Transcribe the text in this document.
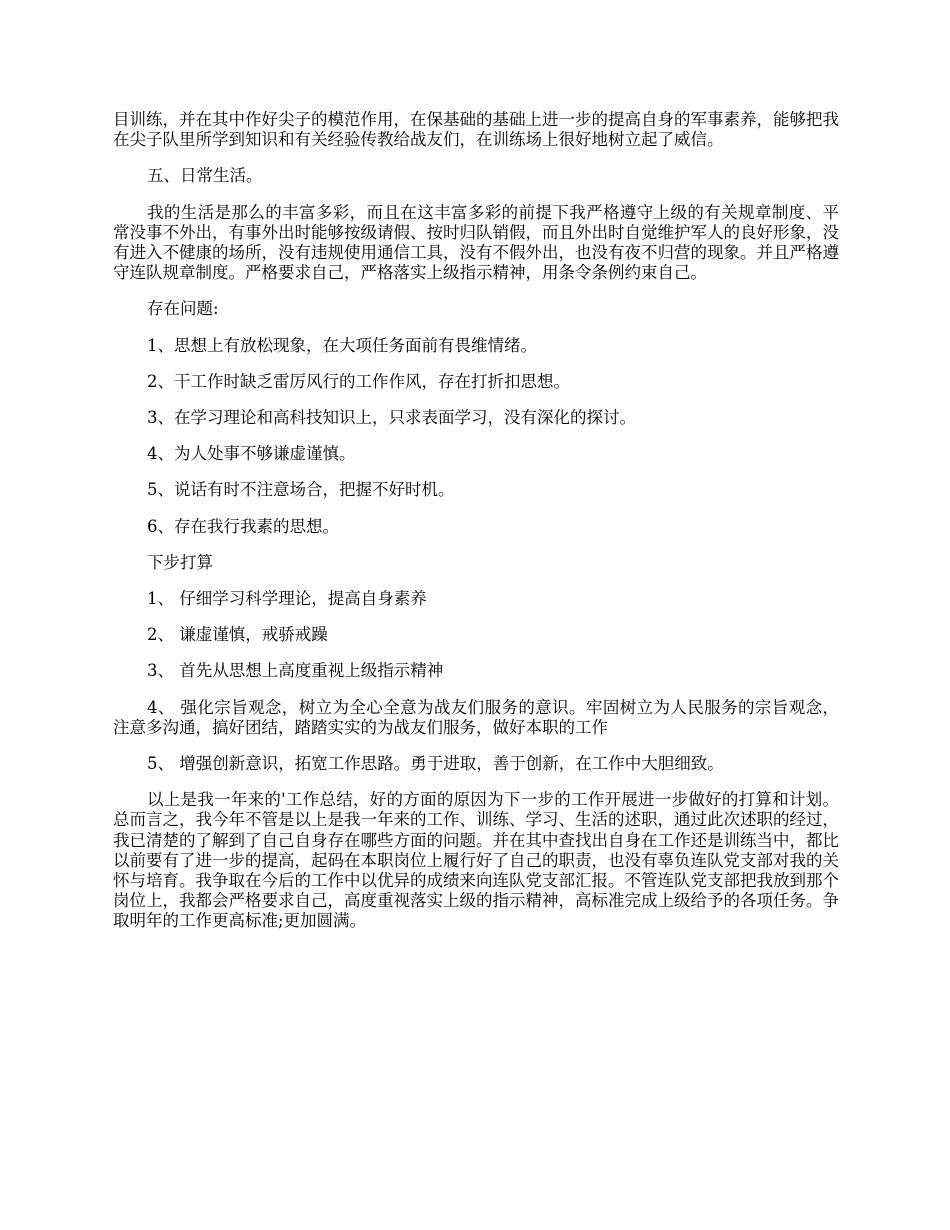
目训练，并在其中作好尖子的模范作用，在保基础的基础上进一步的提高自身的军事素养，能够把我在尖子队里所学到知识和有关经验传教给战友们，在训练场上很好地树立起了威信。

五、日常生活。

我的生活是那么的丰富多彩，而且在这丰富多彩的前提下我严格遵守上级的有关规章制度、平常没事不外出，有事外出时能够按级请假、按时归队销假，而且外出时自觉维护军人的良好形象，没有进入不健康的场所，没有违规使用通信工具，没有不假外出，也没有夜不归营的现象。并且严格遵守连队规章制度。严格要求自己，严格落实上级指示精神，用条令条例约束自己。

存在问题:

1、思想上有放松现象，在大项任务面前有畏维情绪。

2、干工作时缺乏雷厉风行的工作作风，存在打折扣思想。

3、在学习理论和高科技知识上，只求表面学习，没有深化的探讨。

4、为人处事不够谦虚谨慎。

5、说话有时不注意场合，把握不好时机。

6、存在我行我素的思想。

下步打算

1、 仔细学习科学理论，提高自身素养

2、 谦虚谨慎，戒骄戒躁

3、 首先从思想上高度重视上级指示精神

4、 强化宗旨观念，树立为全心全意为战友们服务的意识。牢固树立为人民服务的宗旨观念，注意多沟通，搞好团结，踏踏实实的为战友们服务，做好本职的工作

5、 增强创新意识，拓宽工作思路。勇于进取，善于创新，在工作中大胆细致。

以上是我一年来的'工作总结，好的方面的原因为下一步的工作开展进一步做好的打算和计划。总而言之，我今年不管是以上是我一年来的工作、训练、学习、生活的述职，通过此次述职的经过，我已清楚的了解到了自己自身存在哪些方面的问题。并在其中查找出自身在工作还是训练当中，都比以前要有了进一步的提高，起码在本职岗位上履行好了自己的职责，也没有辜负连队党支部对我的关怀与培育。我争取在今后的工作中以优异的成绩来向连队党支部汇报。不管连队党支部把我放到那个岗位上，我都会严格要求自己，高度重视落实上级的指示精神，高标准完成上级给予的各项任务。争取明年的工作更高标准;更加圆满。
